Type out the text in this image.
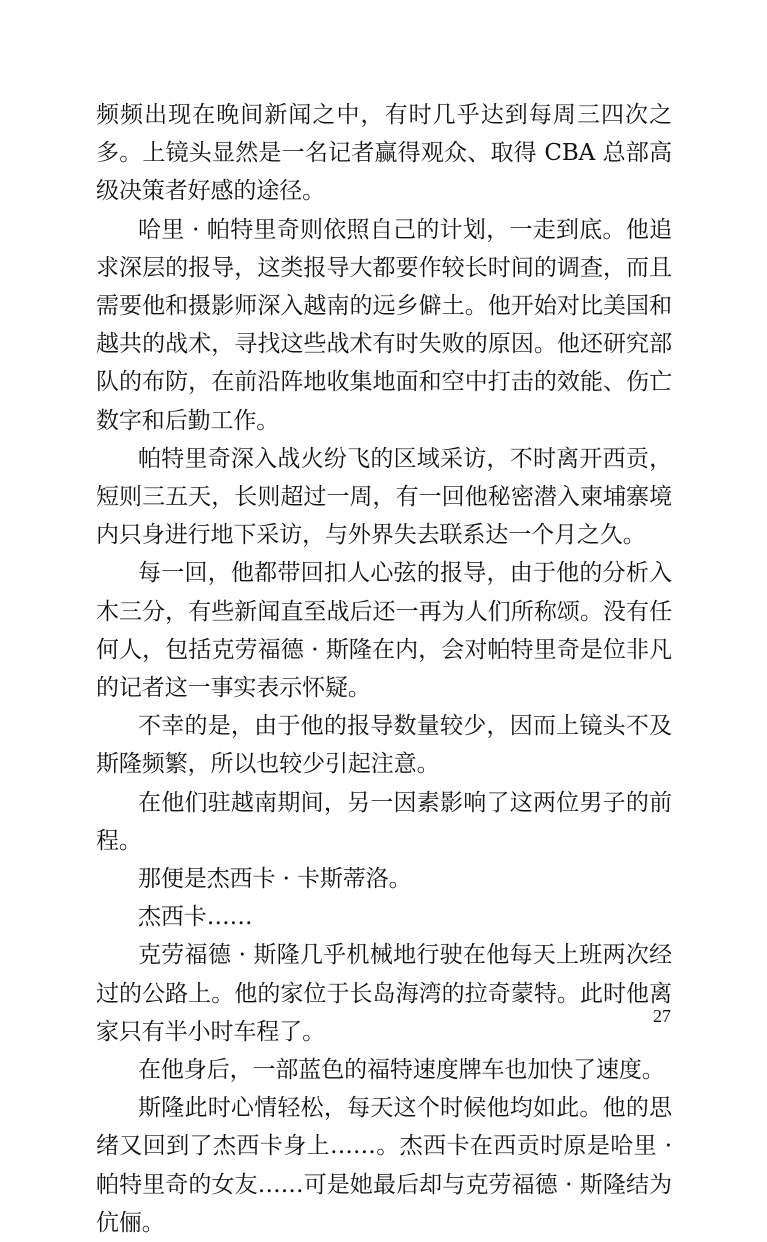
频频出现在晚间新闻之中，有时几乎达到每周三四次之多。上镜头显然是一名记者赢得观众、取得 CBA 总部高级决策者好感的途径。

哈里 · 帕特里奇则依照自己的计划，一走到底。他追求深层的报导，这类报导大都要作较长时间的调查，而且需要他和摄影师深入越南的远乡僻土。他开始对比美国和越共的战术，寻找这些战术有时失败的原因。他还研究部队的布防，在前沿阵地收集地面和空中打击的效能、伤亡数字和后勤工作。

帕特里奇深入战火纷飞的区域采访，不时离开西贡，短则三五天，长则超过一周，有一回他秘密潜入柬埔寨境内只身进行地下采访，与外界失去联系达一个月之久。

每一回，他都带回扣人心弦的报导，由于他的分析入木三分，有些新闻直至战后还一再为人们所称颂。没有任何人，包括克劳福德 · 斯隆在内，会对帕特里奇是位非凡的记者这一事实表示怀疑。

不幸的是，由于他的报导数量较少，因而上镜头不及斯隆频繁，所以也较少引起注意。

在他们驻越南期间，另一因素影响了这两位男子的前程。

那便是杰西卡 · 卡斯蒂洛。

杰西卡……

克劳福德 · 斯隆几乎机械地行驶在他每天上班两次经过的公路上。他的家位于长岛海湾的拉奇蒙特。此时他离家只有半小时车程了。

在他身后，一部蓝色的福特速度牌车也加快了速度。

斯隆此时心情轻松，每天这个时候他均如此。他的思绪又回到了杰西卡身上……。杰西卡在西贡时原是哈里 · 帕特里奇的女友……可是她最后却与克劳福德 · 斯隆结为伉俪。

27
